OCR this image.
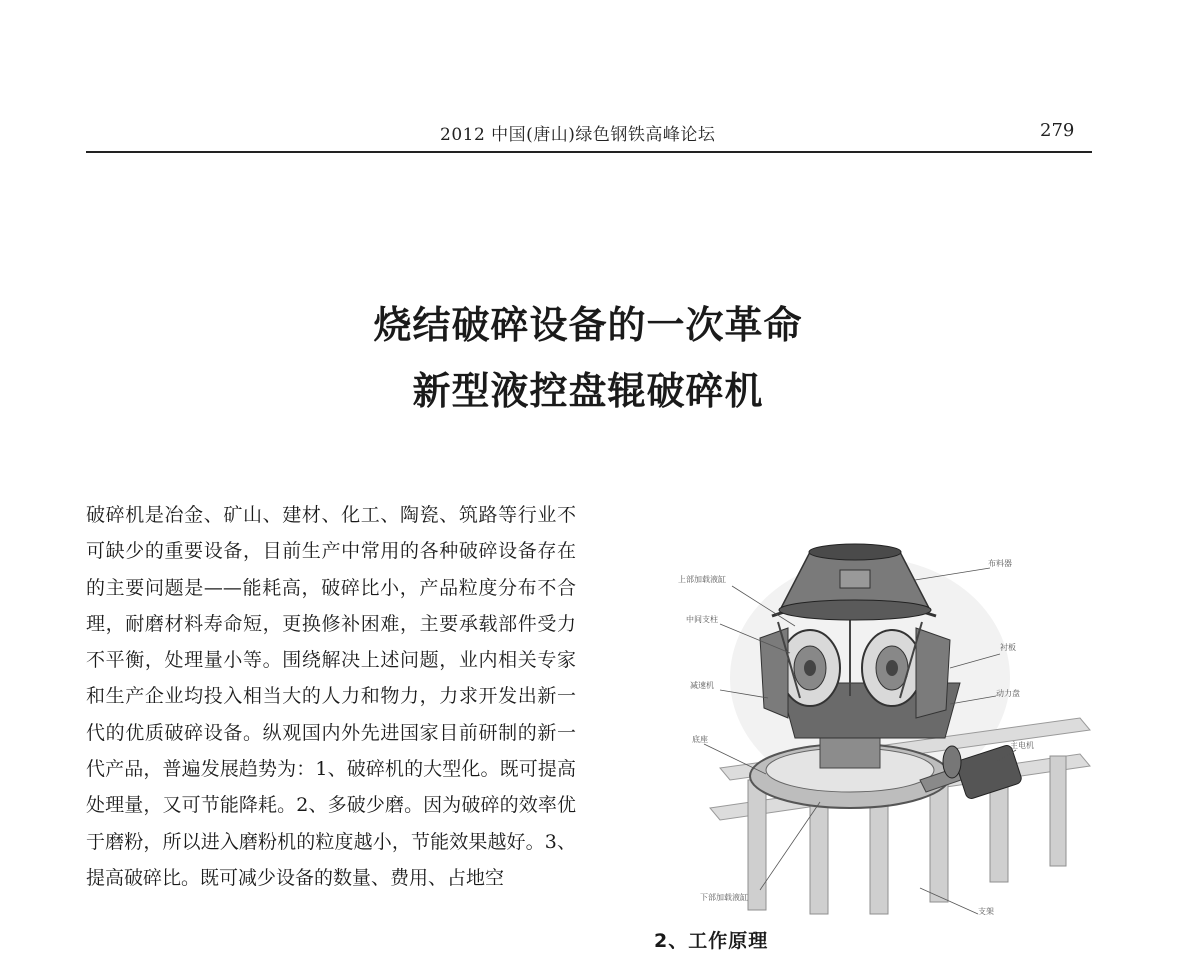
2012 中国(唐山)绿色钢铁高峰论坛	279
烧结破碎设备的一次革命
新型液控盘辊破碎机

破碎机是冶金、矿山、建材、化工、陶瓷、筑路等行业不可缺少的重要设备，目前生产中常用的各种破碎设备存在的主要问题是——能耗高，破碎比小，产品粒度分布不合理，耐磨材料寿命短，更换修补困难，主要承载部件受力不平衡，处理量小等。围绕解决上述问题，业内相关专家和生产企业均投入相当大的人力和物力，力求开发出新一代的优质破碎设备。纵观国内外先进国家目前研制的新一代产品，普遍发展趋势为：1、破碎机的大型化。既可提高处理量，又可节能降耗。2、多破少磨。因为破碎的效率优于磨粉，所以进入磨粉机的粒度越小，节能效果越好。3、提高破碎比。既可减少设备的数量、费用、占地空

上部加载液缸
布料器
中间支柱
衬板
减速机
动力盘
底座
主电机
下部加载液缸
支架
2、工作原理
